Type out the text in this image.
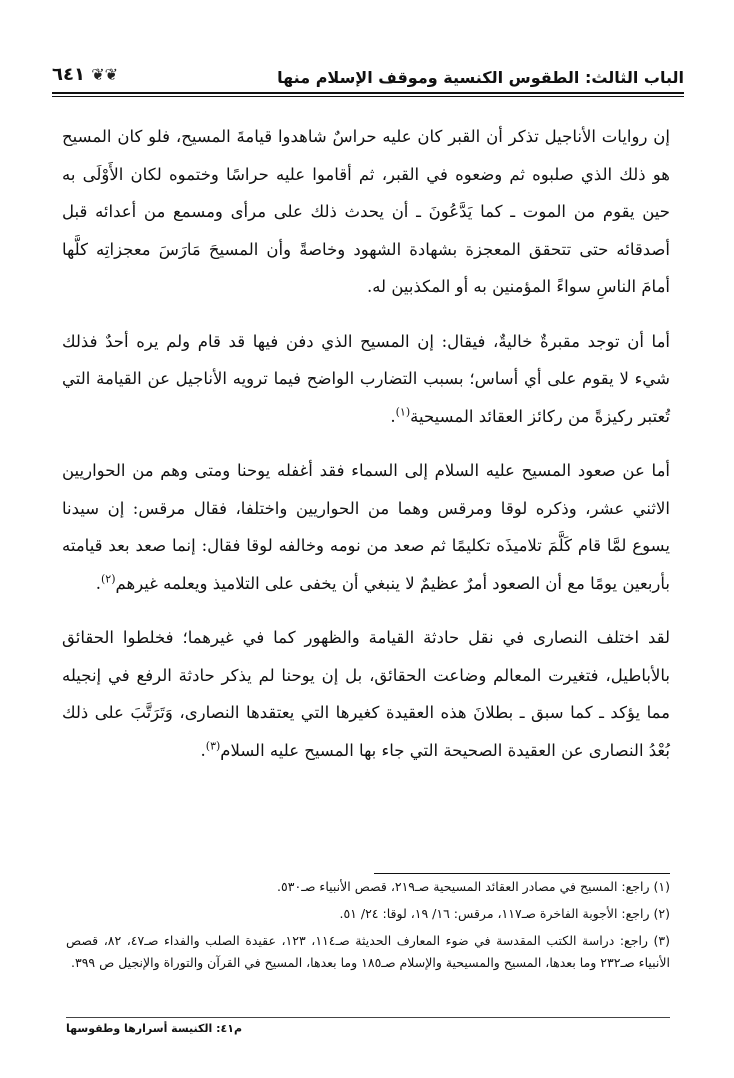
الباب الثالث: الطقوس الكنسية وموقف الإسلام منها
٦٤١ ❦❦

إن روايات الأناجيل تذكر أن القبر كان عليه حراسٌ شاهدوا قيامةَ المسيح، فلو كان المسيح هو ذلك الذي صلبوه ثم وضعوه في القبر، ثم أقاموا عليه حراسًا وختموه لكان الأَوْلَى به حين يقوم من الموت ـ كما يَدَّعُونَ ـ أن يحدث ذلك على مرأى ومسمع من أعدائه قبل أصدقائه حتى تتحقق المعجزة بشهادة الشهود وخاصةً وأن المسيحَ مَارَسَ معجزاتِه كلَّها أمامَ الناسِ سواءً المؤمنين به أو المكذبين له.

أما أن توجد مقبرةٌ خاليةٌ، فيقال: إن المسيح الذي دفن فيها قد قام ولم يره أحدٌ فذلك شيء لا يقوم على أي أساس؛ بسبب التضارب الواضح فيما ترويه الأناجيل عن القيامة التي تُعتبر ركيزةً من ركائز العقائد المسيحية$^{(١)}$.

أما عن صعود المسيح عليه السلام إلى السماء فقد أغفله يوحنا ومتى وهم من الحواريين الاثني عشر، وذكره لوقا ومرقس وهما من الحواريين واختلفا، فقال مرقس: إن سيدنا يسوع لمَّا قام كَلَّمَ تلاميذَه تكليمًا ثم صعد من نومه وخالفه لوقا فقال: إنما صعد بعد قيامته بأربعين يومًا مع أن الصعود أمرٌ عظيمٌ لا ينبغي أن يخفى على التلاميذ ويعلمه غيرهم$^{(٢)}$.

لقد اختلف النصارى في نقل حادثة القيامة والظهور كما في غيرهما؛ فخلطوا الحقائق بالأباطيل، فتغيرت المعالم وضاعت الحقائق، بل إن يوحنا لم يذكر حادثة الرفع في إنجيله مما يؤكد ـ كما سبق ـ بطلانَ هذه العقيدة كغيرها التي يعتقدها النصارى، وَتَرَتَّبَ على ذلك بُعْدُ النصارى عن العقيدة الصحيحة التي جاء بها المسيح عليه السلام$^{(٣)}$.

(١) راجع: المسيح في مصادر العقائد المسيحية صـ٢١٩، قصص الأنبياء صـ٥٣٠.

(٢) راجع: الأجوبة الفاخرة صـ١١٧، مرقس: ١٦/ ١٩، لوقا: ٢٤/ ٥١.

(٣) راجع: دراسة الكتب المقدسة في ضوء المعارف الحديثة صـ١١٤، ١٢٣، عقيدة الصلب والفداء صـ٤٧، ٨٢، قصص الأنبياء صـ٢٣٢ وما بعدها، المسيح والمسيحية والإسلام صـ١٨٥ وما بعدها، المسيح في القرآن والتوراة والإنجيل ص ٣٩٩.

م٤١: الكنيسة أسرارها وطقوسها
